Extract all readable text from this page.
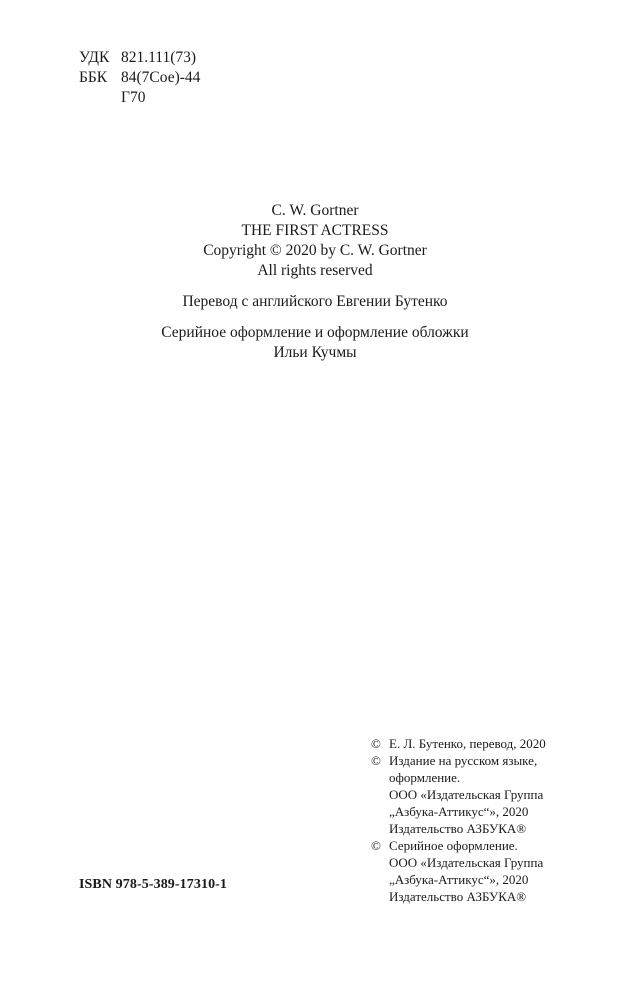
УДК 821.111(73)
ББК 84(7Сое)-44
Г70
C. W. Gortner
THE FIRST ACTRESS
Copyright © 2020 by C. W. Gortner
All rights reserved
Перевод с английского Евгении Бутенко
Серийное оформление и оформление обложки
Ильи Кучмы
© Е. Л. Бутенко, перевод, 2020
© Издание на русском языке,
оформление.
ООО «Издательская Группа
„Азбука-Аттикус“», 2020
Издательство АЗБУКА®
© Серийное оформление.
ООО «Издательская Группа
„Азбука-Аттикус“», 2020
Издательство АЗБУКА®
ISBN 978-5-389-17310-1
